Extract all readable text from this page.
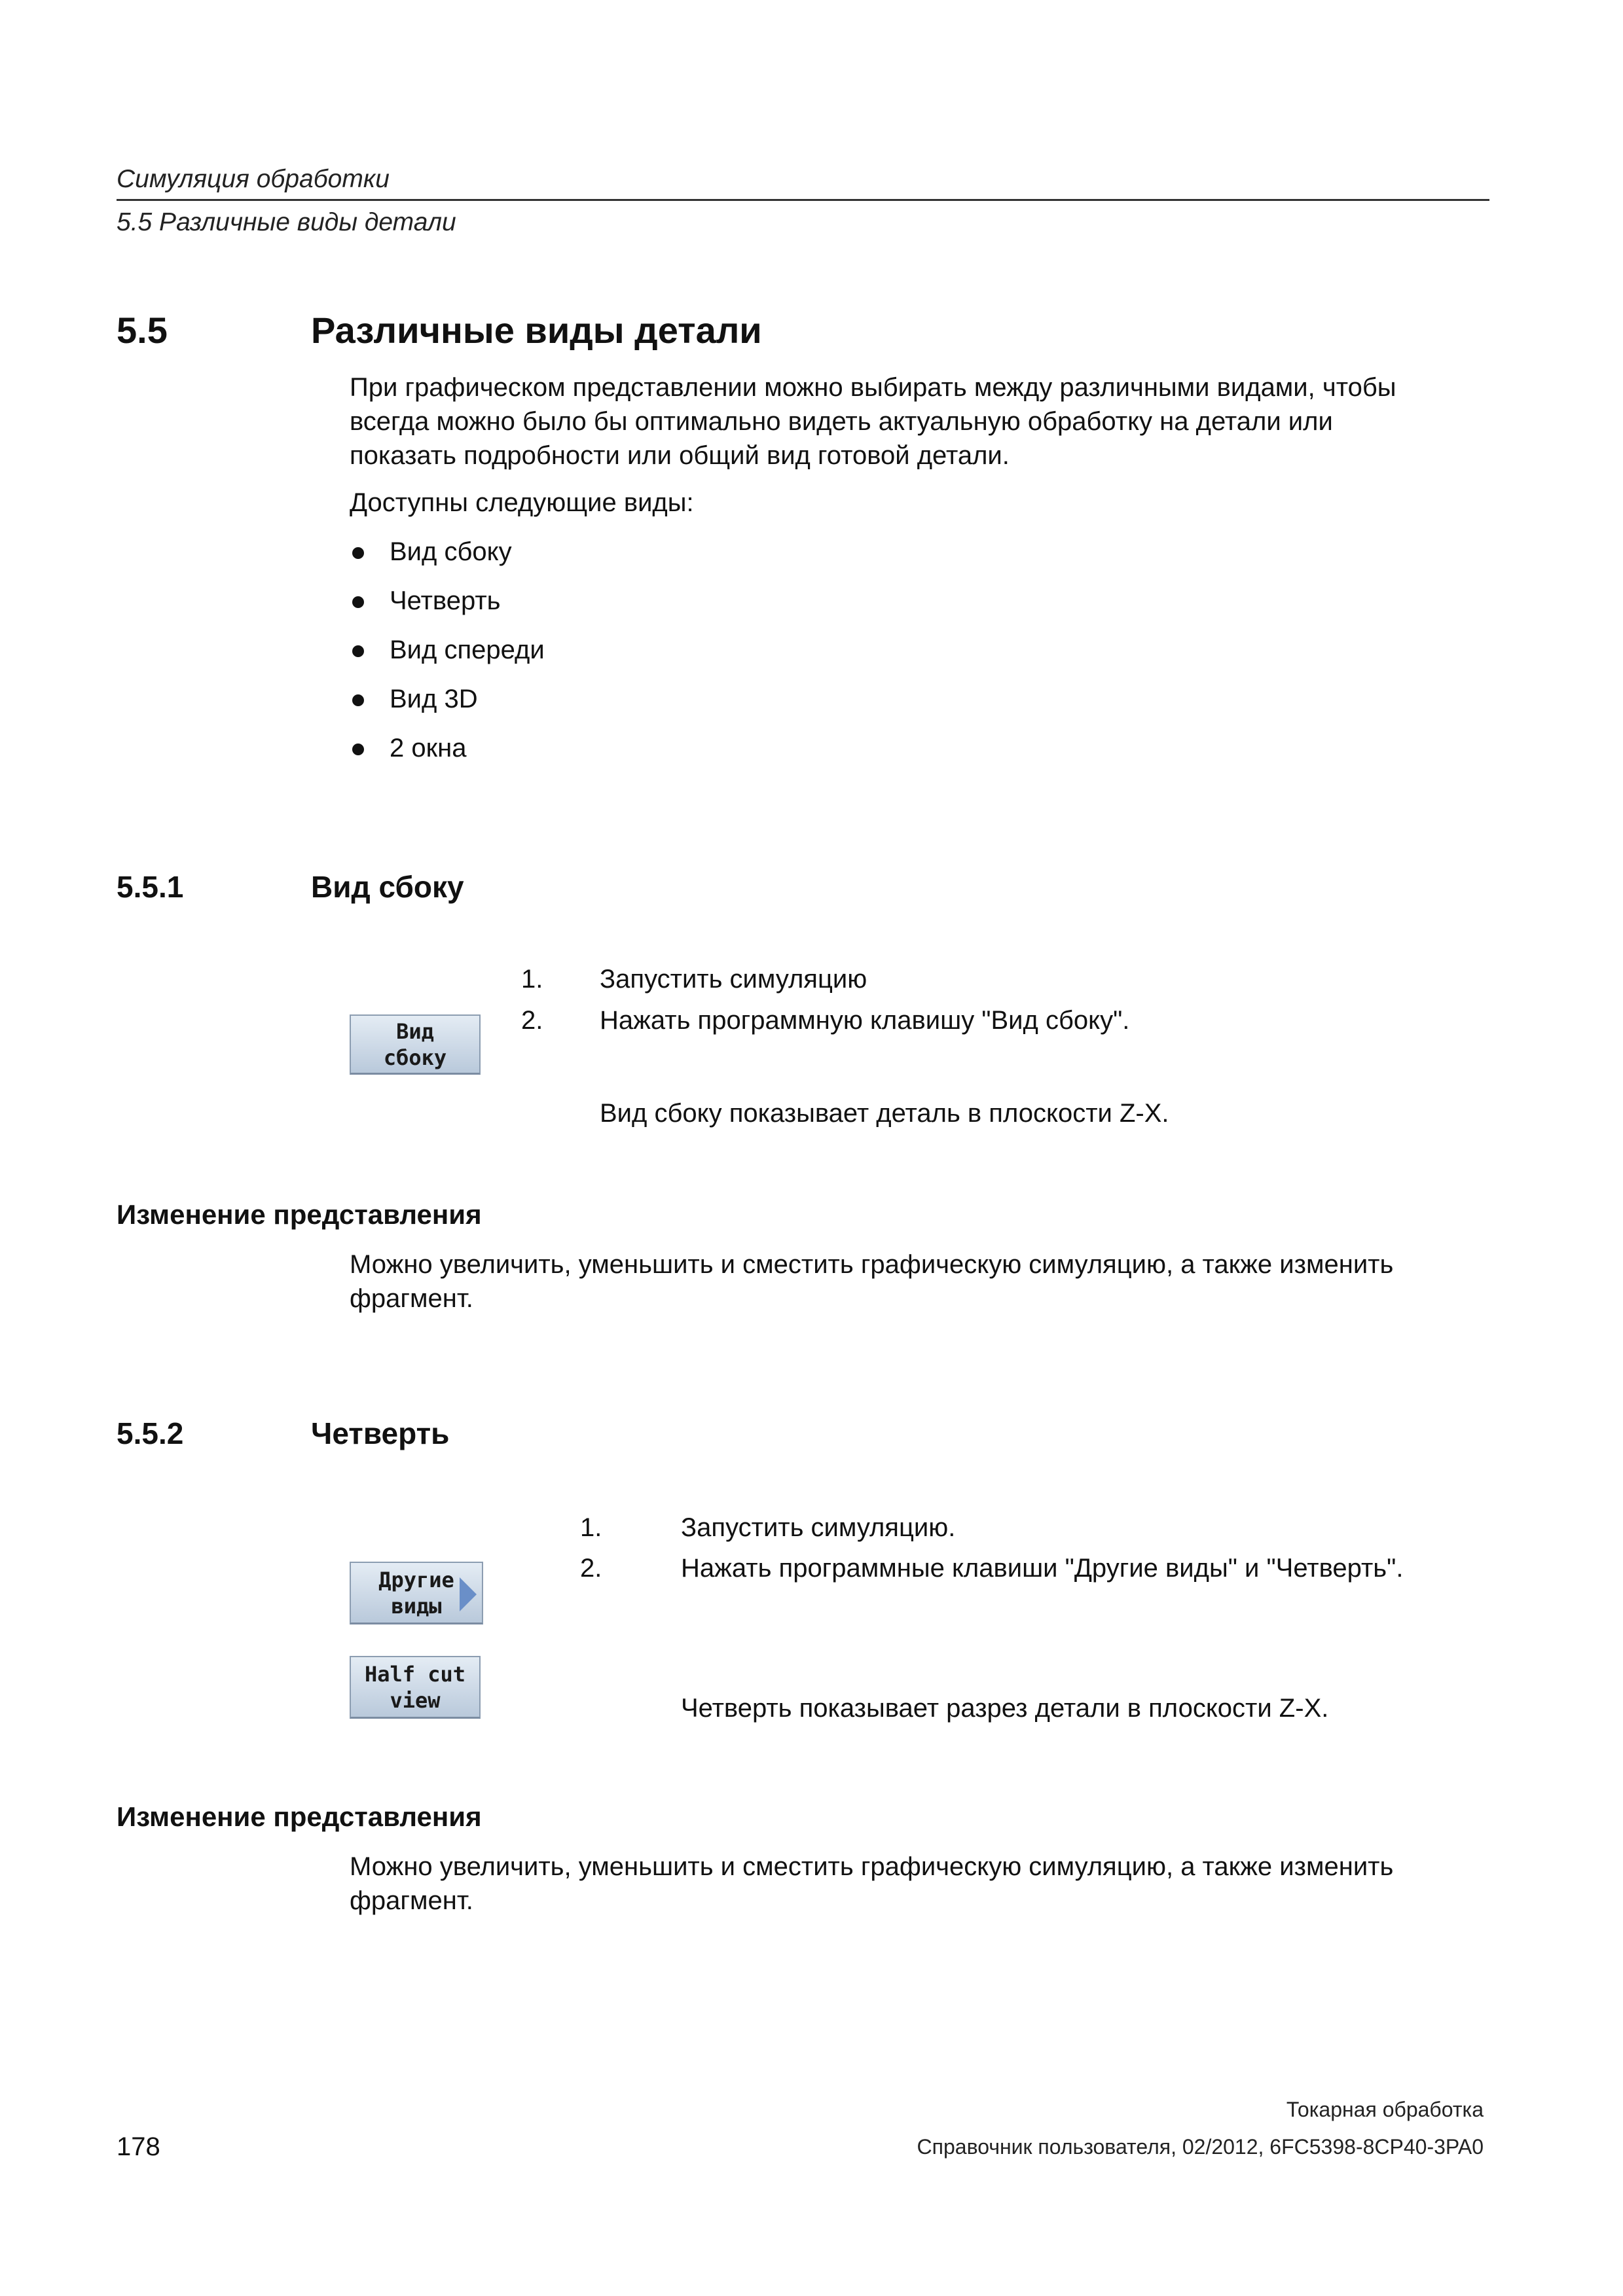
Симуляция обработки
5.5 Различные виды детали
5.5	Различные виды детали
При графическом представлении можно выбирать между различными видами, чтобы
всегда можно было бы оптимально видеть актуальную обработку на детали или
показать подробности или общий вид готовой детали.
Доступны следующие виды:
Вид сбоку
Четверть
Вид спереди
Вид 3D
2 окна
5.5.1	Вид сбоку
Вид
сбоку
1. Запустить симуляцию
2. Нажать программную клавишу "Вид сбоку".
Вид сбоку показывает деталь в плоскости Z-X.
Изменение представления
Можно увеличить, уменьшить и сместить графическую симуляцию, а также изменить
фрагмент.
5.5.2	Четверть
Другие
виды
Half cut
view
1.	Запустить симуляцию.
2.	Нажать программные клавиши "Другие виды" и "Четверть".
Четверть показывает разрез детали в плоскости Z-X.
Изменение представления
Можно увеличить, уменьшить и сместить графическую симуляцию, а также изменить
фрагмент.
Токарная обработка
178	Справочник пользователя, 02/2012, 6FC5398-8CP40-3PA0
